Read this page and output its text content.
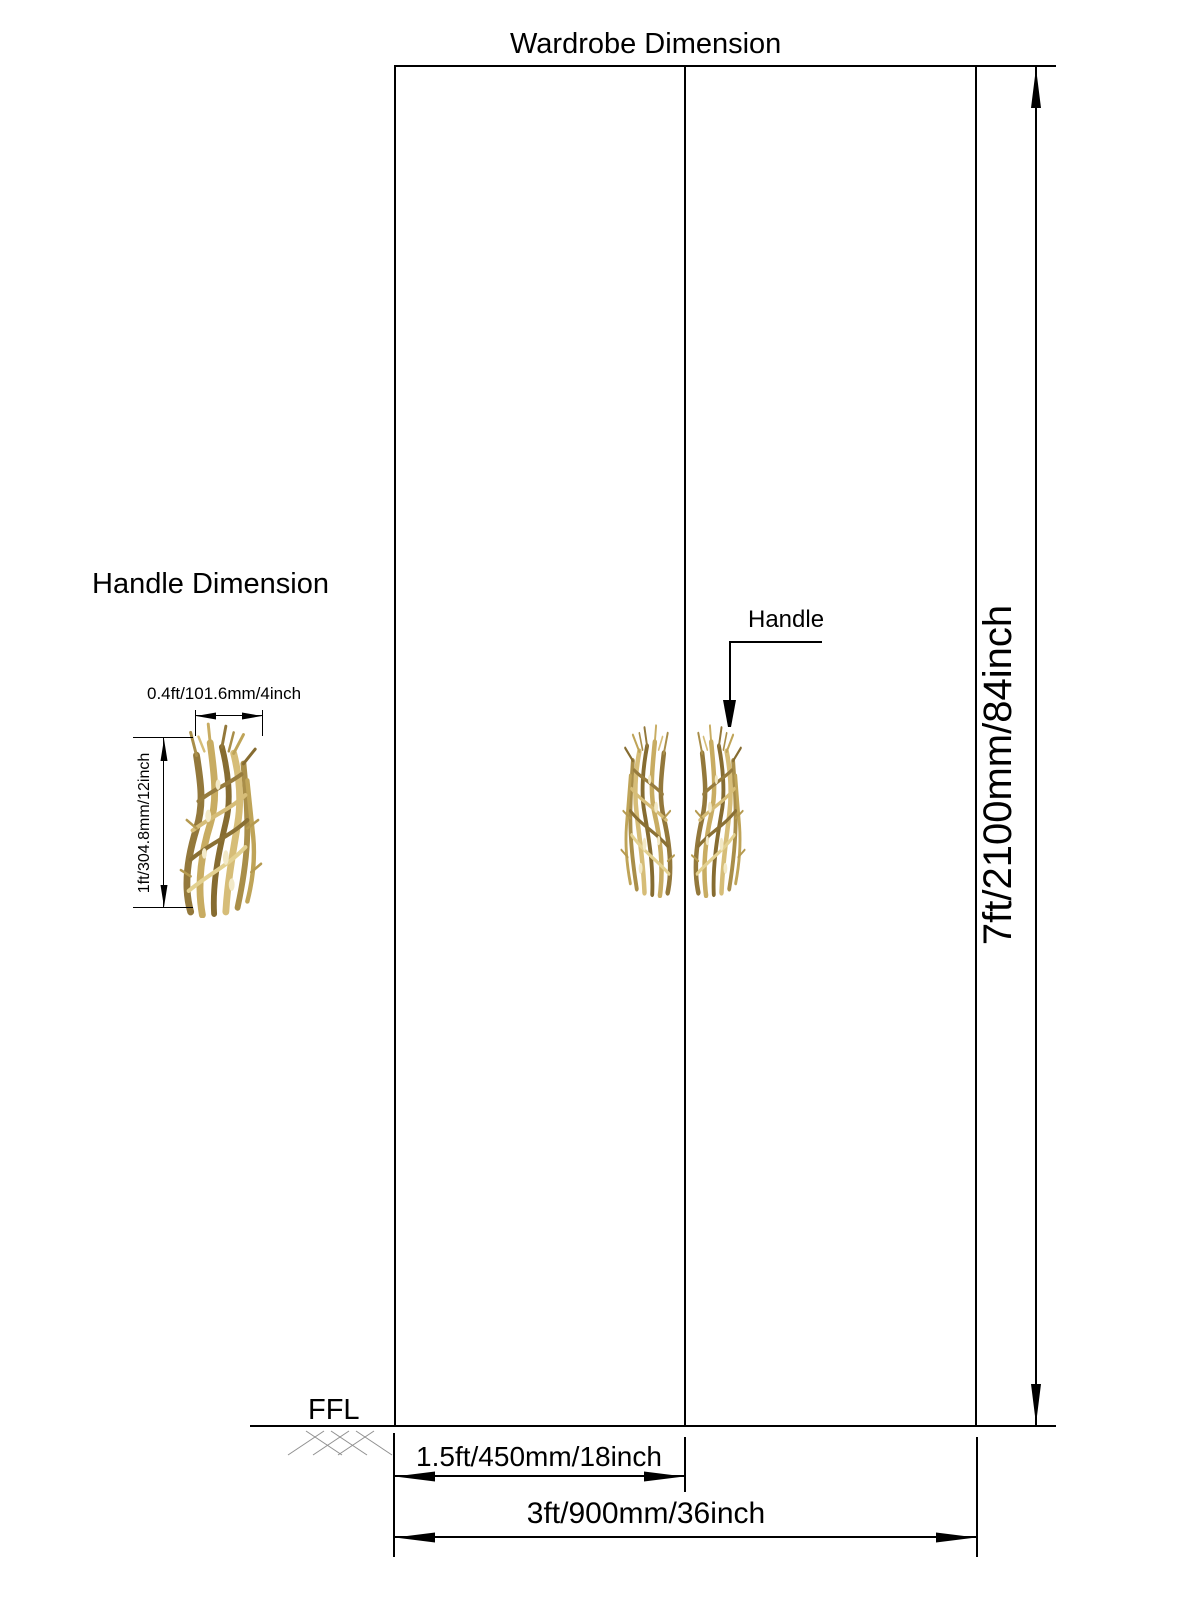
Wardrobe Dimension
Handle Dimension
Handle	7ft/2100mm/84inch
FFL
1.5ft/450mm/18inch
3ft/900mm/36inch
0.4ft/101.6mm/4inch
1ft/304.8mm/12inch
